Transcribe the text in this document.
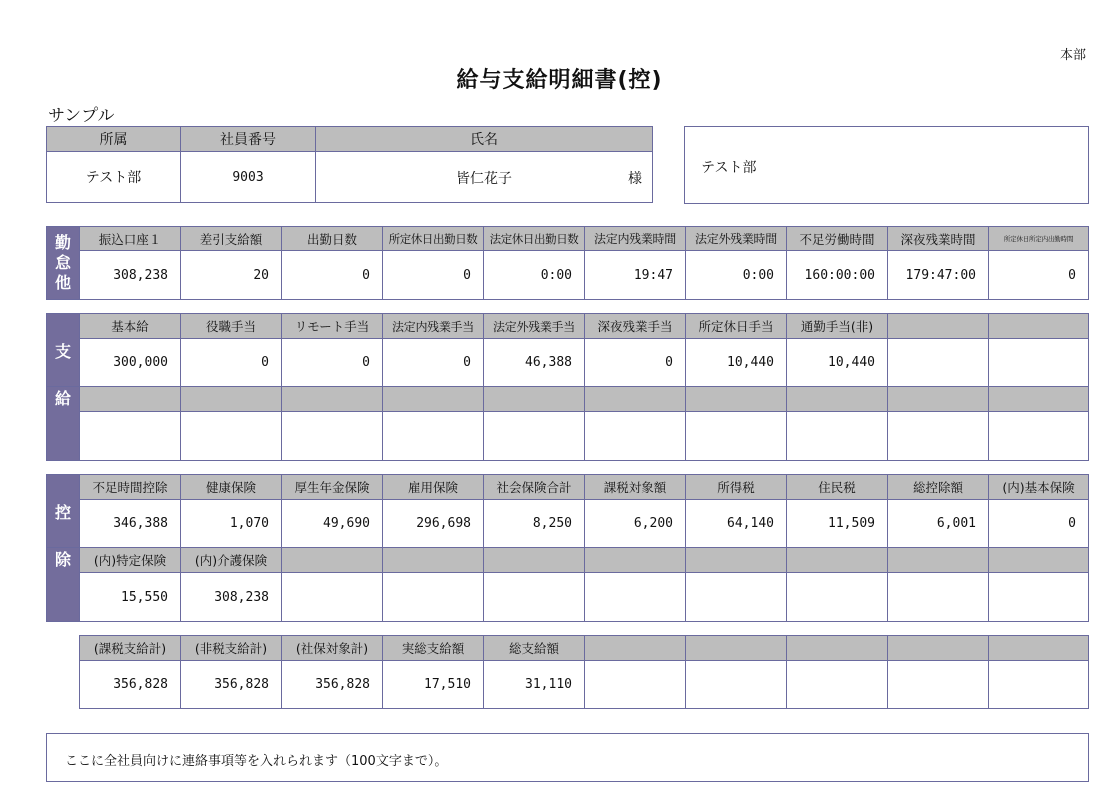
本部
給与支給明細書(控)
サンプル
所属	社員番号	氏名
テスト部	9003	皆仁花子 様
テスト部
勤
怠
他	振込口座１	差引支給額	出勤日数	所定休日出勤日数	法定休日出勤日数	法定内残業時間	法定外残業時間	不足労働時間	深夜残業時間	所定休日所定内出勤時間
	308,238	20	0	0	0:00	19:47	0:00	160:00:00	179:47:00	0
支	基本給	役職手当	リモート手当	法定内残業手当	法定外残業手当	深夜残業手当	所定休日手当	通勤手当(非)		
	300,000	0	0	0	46,388	0	10,440	10,440		
給										

控	不足時間控除	健康保険	厚生年金保険	雇用保険	社会保険合計	課税対象額	所得税	住民税	総控除額	(内)基本保険
	346,388	1,070	49,690	296,698	8,250	6,200	64,140	11,509	6,001	0
除	(内)特定保険	(内)介護保険								
	15,550	308,238								
(課税支給計)	(非税支給計)	(社保対象計)	実総支給額	総支給額					
356,828	356,828	356,828	17,510	31,110					
ここに全社員向けに連絡事項等を入れられます（100文字まで）。
